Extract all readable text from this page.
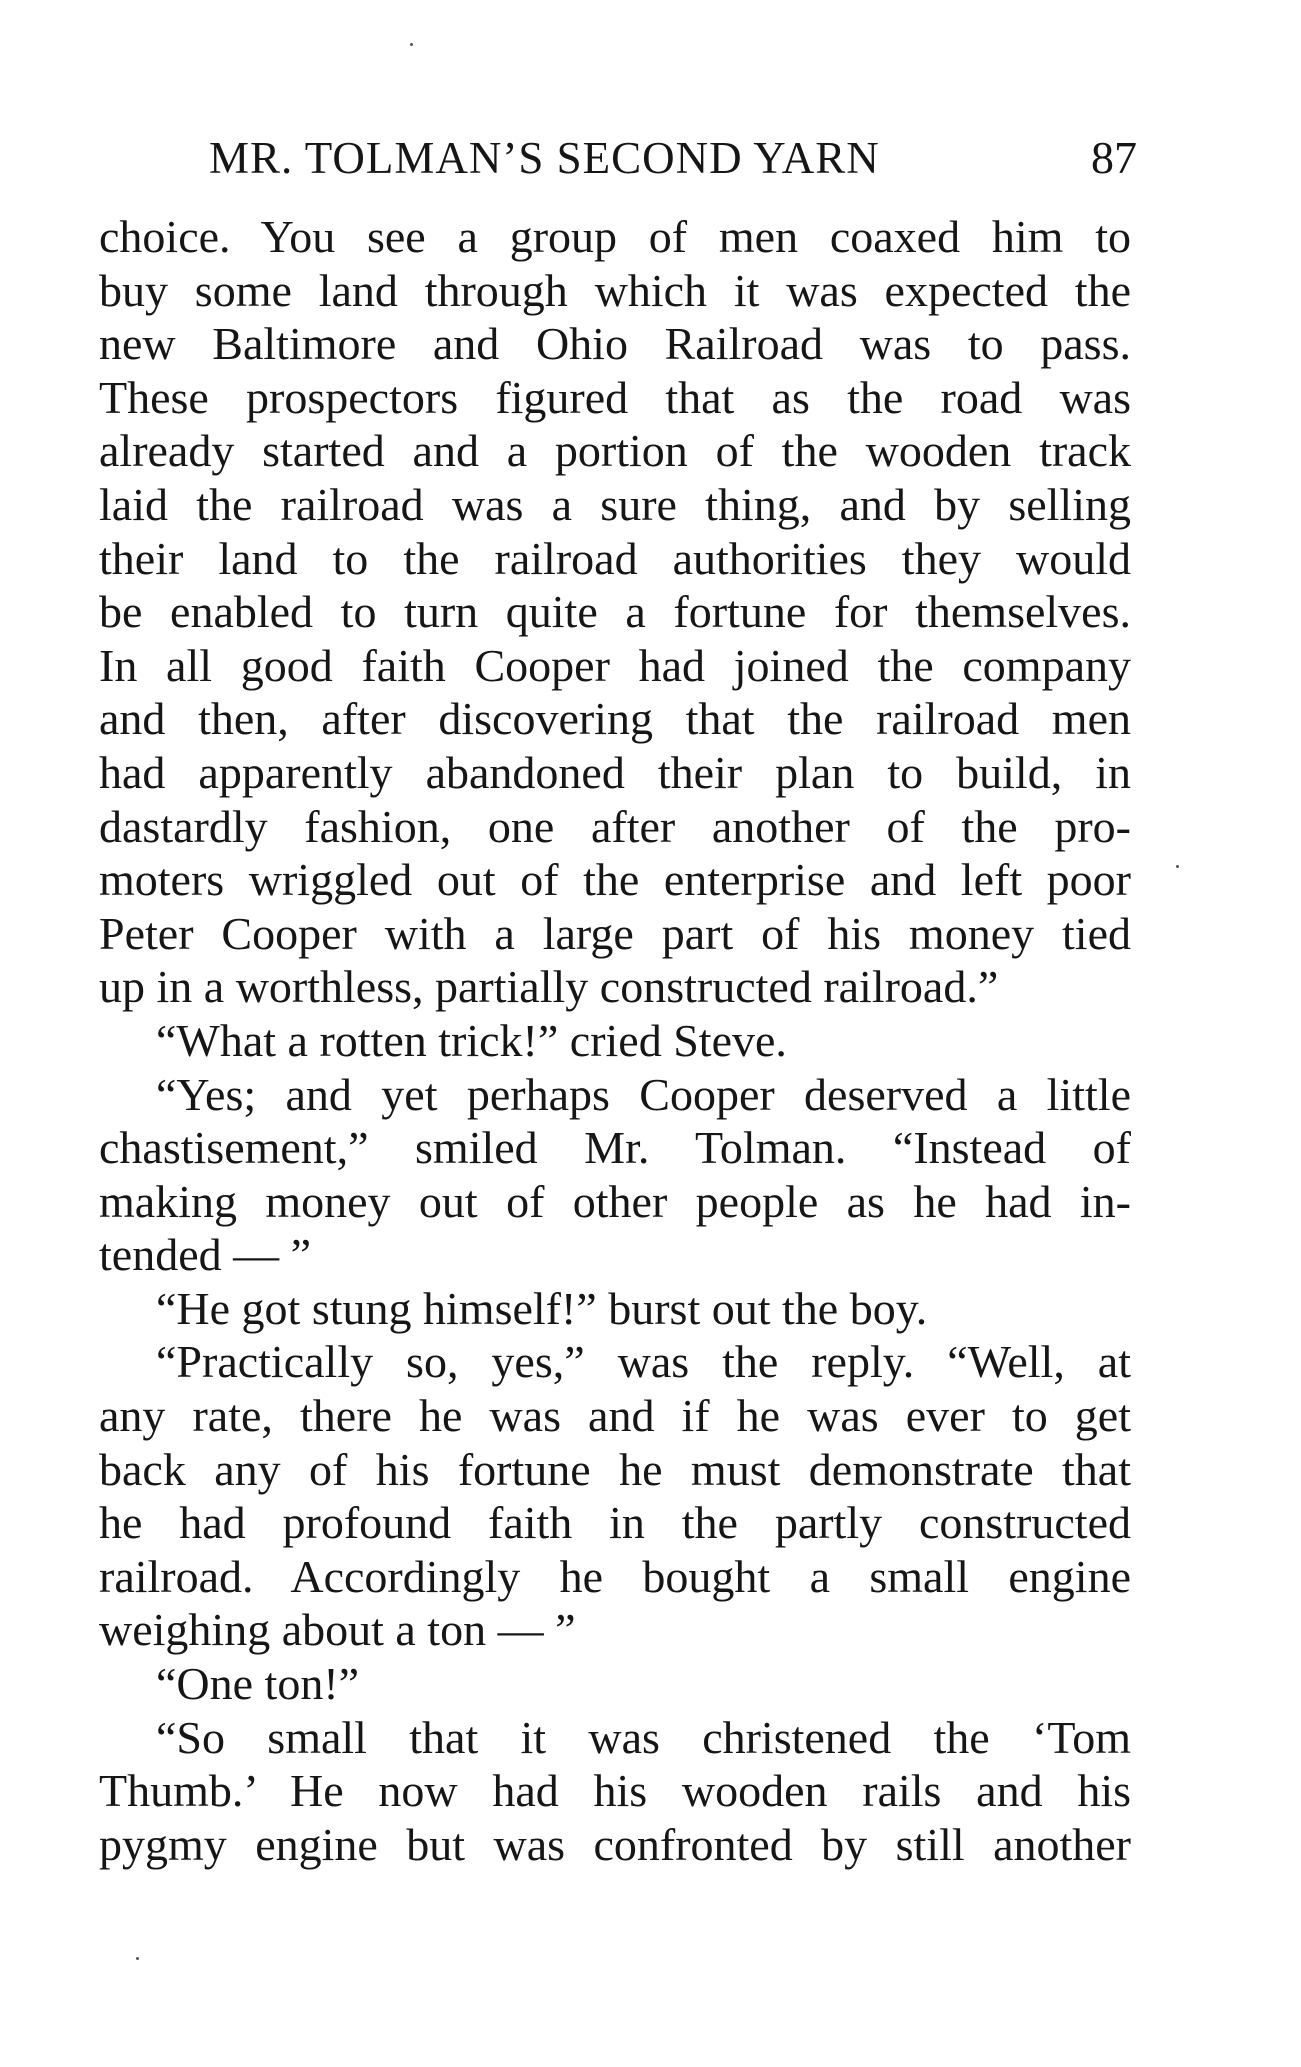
MR. TOLMAN’S SECOND YARN	87
choice. You see a group of men coaxed him to
buy some land through which it was expected the
new Baltimore and Ohio Railroad was to pass.
These prospectors figured that as the road was
already started and a portion of the wooden track
laid the railroad was a sure thing, and by selling
their land to the railroad authorities they would
be enabled to turn quite a fortune for themselves.
In all good faith Cooper had joined the company
and then, after discovering that the railroad men
had apparently abandoned their plan to build, in
dastardly fashion, one after another of the pro-
moters wriggled out of the enterprise and left poor
Peter Cooper with a large part of his money tied
up in a worthless, partially constructed railroad.”
“What a rotten trick!” cried Steve.
“Yes; and yet perhaps Cooper deserved a little
chastisement,” smiled Mr. Tolman. “Instead of
making money out of other people as he had in-
tended — ”
“He got stung himself!” burst out the boy.
“Practically so, yes,” was the reply. “Well, at
any rate, there he was and if he was ever to get
back any of his fortune he must demonstrate that
he had profound faith in the partly constructed
railroad. Accordingly he bought a small engine
weighing about a ton — ”
“One ton!”
“So small that it was christened the ‘Tom
Thumb.’ He now had his wooden rails and his
pygmy engine but was confronted by still another
